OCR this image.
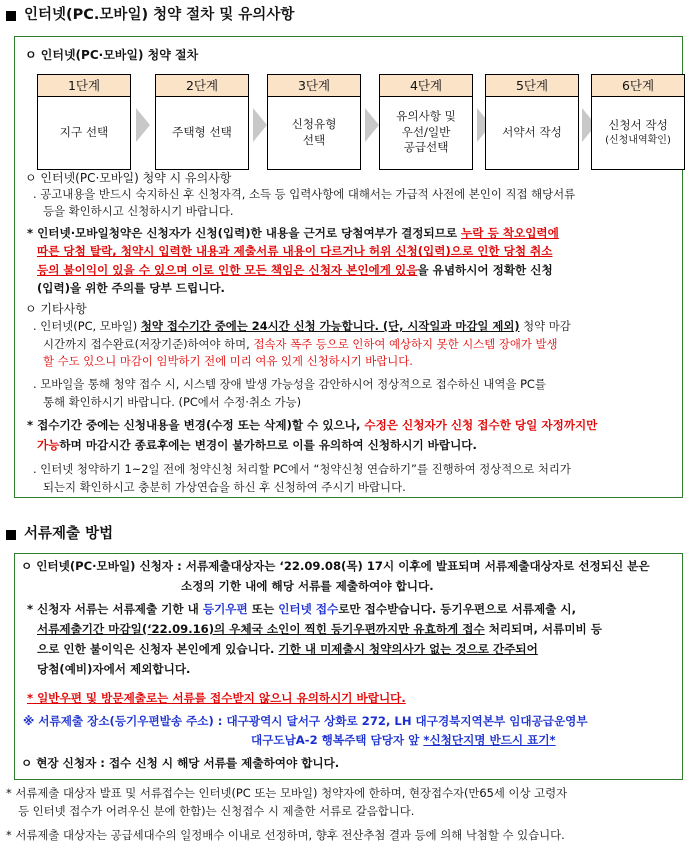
인터넷(PC.모바일) 청약 절차 및 유의사항
ㅇ 인터넷(PC·모바일) 청약 절차
1단계
지구 선택
2단계
주택형 선택
3단계
신청유형
선택
4단계
유의사항 및
우선/일반
공급선택
5단계
서약서 작성
6단계
신청서 작성
(신청내역확인)
ㅇ 인터넷(PC·모바일) 청약 시 유의사항
. 공고내용을 반드시 숙지하신 후 신청자격, 소득 등 입력사항에 대해서는 가급적 사전에 본인이 직접 해당서류
등을 확인하시고 신청하시기 바랍니다.
* 인터넷·모바일청약은 신청자가 신청(입력)한 내용을 근거로 당첨여부가 결정되므로 누락 등 착오입력에
따른 당첨 탈락, 청약시 입력한 내용과 제출서류 내용이 다르거나 허위 신청(입력)으로 인한 당첨 취소
등의 불이익이 있을 수 있으며 이로 인한 모든 책임은 신청자 본인에게 있음을 유념하시어 정확한 신청
(입력)을 위한 주의를 당부 드립니다.
ㅇ 기타사항
. 인터넷(PC, 모바일) 청약 접수기간 중에는 24시간 신청 가능합니다. (단, 시작일과 마감일 제외) 청약 마감
시간까지 접수완료(저장기준)하여야 하며, 접속자 폭주 등으로 인하여 예상하지 못한 시스템 장애가 발생
할 수도 있으니 마감이 임박하기 전에 미리 여유 있게 신청하시기 바랍니다.
. 모바일을 통해 청약 접수 시, 시스템 장애 발생 가능성을 감안하시어 정상적으로 접수하신 내역을 PC를
통해 확인하시기 바랍니다. (PC에서 수정·취소 가능)
* 접수기간 중에는 신청내용을 변경(수정 또는 삭제)할 수 있으나, 수정은 신청자가 신청 접수한 당일 자정까지만
가능하며 마감시간 종료후에는 변경이 불가하므로 이를 유의하여 신청하시기 바랍니다.
. 인터넷 청약하기 1~2일 전에 청약신청 처리할 PC에서 “청약신청 연습하기”를 진행하여 정상적으로 처리가
되는지 확인하시고 충분히 가상연습을 하신 후 신청하여 주시기 바랍니다.
서류제출 방법
ㅇ 인터넷(PC·모바일) 신청자 : 서류제출대상자는 ‘22.09.08(목) 17시 이후에 발표되며 서류제출대상자로 선정되신 분은
소정의 기한 내에 해당 서류를 제출하여야 합니다.
* 신청자 서류는 서류제출 기한 내 등기우편 또는 인터넷 접수로만 접수받습니다. 등기우편으로 서류제출 시,
서류제출기간 마감일(‘22.09.16)의 우체국 소인이 찍힌 등기우편까지만 유효하게 접수 처리되며, 서류미비 등
으로 인한 불이익은 신청자 본인에게 있습니다. 기한 내 미제출시 청약의사가 없는 것으로 간주되어
당첨(예비)자에서 제외합니다.
* 일반우편 및 방문제출로는 서류를 접수받지 않으니 유의하시기 바랍니다.
※ 서류제출 장소(등기우편발송 주소) : 대구광역시 달서구 상화로 272, LH 대구경북지역본부 임대공급운영부
대구도남A-2 행복주택 담당자 앞 *신청단지명 반드시 표기*
ㅇ 현장 신청자 : 접수 신청 시 해당 서류를 제출하여야 합니다.
* 서류제출 대상자 발표 및 서류접수는 인터넷(PC 또는 모바일) 청약자에 한하며, 현장접수자(만65세 이상 고령자
등 인터넷 접수가 어려우신 분에 한함)는 신청접수 시 제출한 서류로 갈음합니다.
* 서류제출 대상자는 공급세대수의 일정배수 이내로 선정하며, 향후 전산추첨 결과 등에 의해 낙첨할 수 있습니다.
